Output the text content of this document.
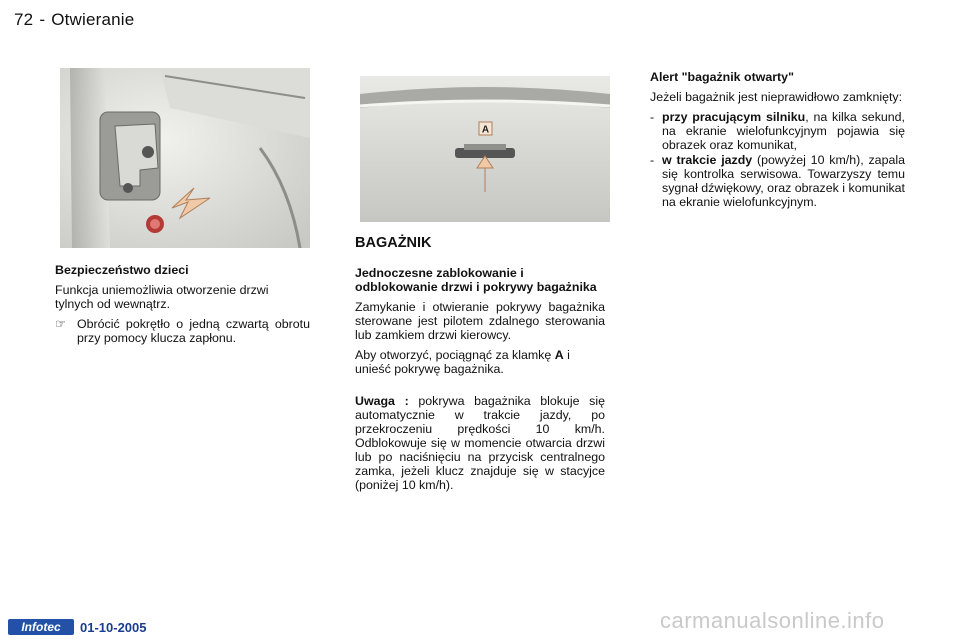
72 - Otwieranie
A

Bezpieczeństwo dzieci

Funkcja uniemożliwia otworzenie drzwi tylnych od wewnątrz.

☞ Obrócić pokrętło o jedną czwartą obrotu przy pomocy klucza zapłonu.
BAGAŻNIK

Jednoczesne zablokowanie i odblokowanie drzwi i pokrywy bagażnika

Zamykanie i otwieranie pokrywy bagażnika sterowane jest pilotem zdalnego sterowania lub zamkiem drzwi kierowcy.

Aby otworzyć, pociągnąć za klamkę A i unieść pokrywę bagażnika.

Uwaga : pokrywa bagażnika blokuje się automatycznie w trakcie jazdy, po przekroczeniu prędkości 10 km/h. Odblokowuje się w momencie otwarcia drzwi lub po naciśnięciu na przycisk centralnego zamka, jeżeli klucz znajduje się w stacyjce (poniżej 10 km/h).

Alert "bagażnik otwarty"

Jeżeli bagażnik jest nieprawidłowo zamknięty:

- przy pracującym silniku, na kilka sekund, na ekranie wielofunkcyjnym pojawia się obrazek oraz komunikat,
- w trakcie jazdy (powyżej 10 km/h), zapala się kontrolka serwisowa. Towarzyszy temu sygnał dźwiękowy, oraz obrazek i komunikat na ekranie wielofunkcyjnym.
Infotec	01-10-2005	carmanualsonline.info
